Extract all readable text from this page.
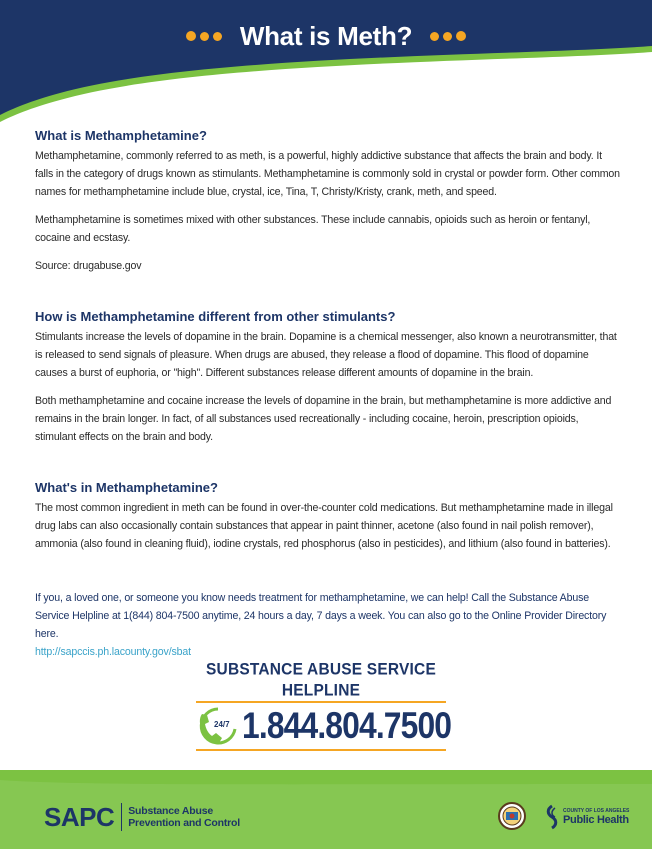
What is Meth?
What is Methamphetamine?

Methamphetamine, commonly referred to as meth, is a powerful, highly addictive substance that affects the brain and body. It falls in the category of drugs known as stimulants. Methamphetamine is commonly sold in crystal or powder form. Other common names for methamphetamine include blue, crystal, ice, Tina, T, Christy/Kristy, crank, meth, and speed.

Methamphetamine is sometimes mixed with other substances. These include cannabis, opioids such as heroin or fentanyl, cocaine and ecstasy.

Source: drugabuse.gov

How is Methamphetamine different from other stimulants?

Stimulants increase the levels of dopamine in the brain. Dopamine is a chemical messenger, also known a neurotransmitter, that is released to send signals of pleasure. When drugs are abused, they release a flood of dopamine. This flood of dopamine causes a burst of euphoria, or "high". Different substances release different amounts of dopamine in the brain.

Both methamphetamine and cocaine increase the levels of dopamine in the brain, but methamphetamine is more addictive and remains in the brain longer. In fact, of all substances used recreationally - including cocaine, heroin, prescription opioids, stimulant effects on the brain and body.

What's in Methamphetamine?

The most common ingredient in meth can be found in over-the-counter cold medications. But methamphetamine made in illegal drug labs can also occasionally contain substances that appear in paint thinner, acetone (also found in nail polish remover), ammonia (also found in cleaning fluid), iodine crystals, red phosphorus (also in pesticides), and lithium (also found in batteries).

If you, a loved one, or someone you know needs treatment for methamphetamine, we can help! Call the Substance Abuse Service Helpline at 1(844) 804-7500 anytime, 24 hours a day, 7 days a week. You can also go to the Online Provider Directory here.

http://sapccis.ph.lacounty.gov/sbat
SUBSTANCE ABUSE SERVICE HELPLINE
24/7 1.844.804.7500
SAPC	Substance Abuse
Prevention and Control
COUNTY OF LOS ANGELES
Public Health
